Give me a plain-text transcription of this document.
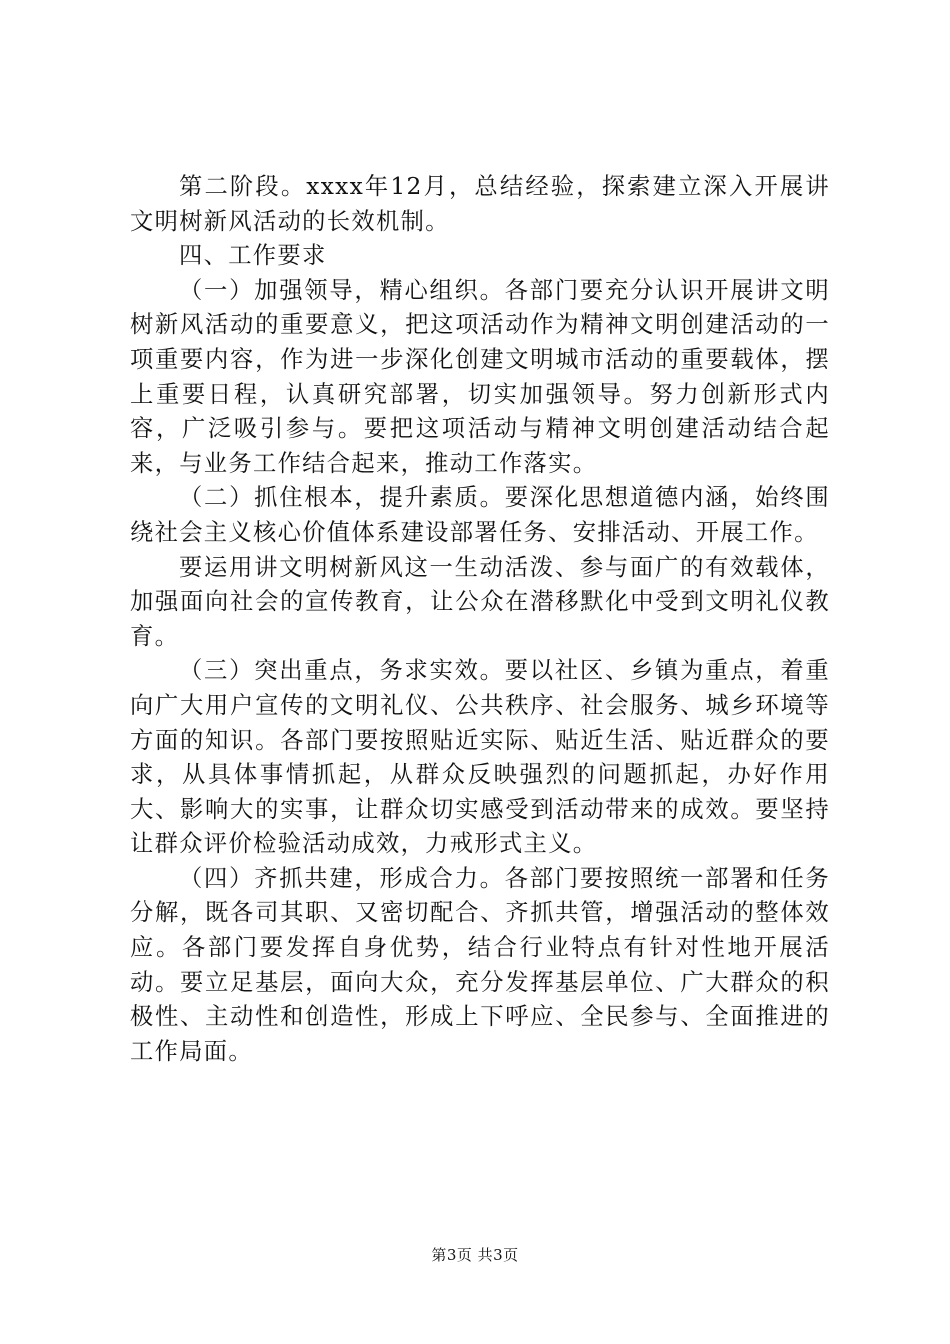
第二阶段。xxxx年12月，总结经验，探索建立深入开展讲文明树新风活动的长效机制。

四、工作要求

（一）加强领导，精心组织。各部门要充分认识开展讲文明树新风活动的重要意义，把这项活动作为精神文明创建活动的一项重要内容，作为进一步深化创建文明城市活动的重要载体，摆上重要日程，认真研究部署，切实加强领导。努力创新形式内容，广泛吸引参与。要把这项活动与精神文明创建活动结合起来，与业务工作结合起来，推动工作落实。

（二）抓住根本，提升素质。要深化思想道德内涵，始终围绕社会主义核心价值体系建设部署任务、安排活动、开展工作。

要运用讲文明树新风这一生动活泼、参与面广的有效载体，加强面向社会的宣传教育，让公众在潜移默化中受到文明礼仪教育。

（三）突出重点，务求实效。要以社区、乡镇为重点，着重向广大用户宣传的文明礼仪、公共秩序、社会服务、城乡环境等方面的知识。各部门要按照贴近实际、贴近生活、贴近群众的要求，从具体事情抓起，从群众反映强烈的问题抓起，办好作用大、影响大的实事，让群众切实感受到活动带来的成效。要坚持让群众评价检验活动成效，力戒形式主义。

（四）齐抓共建，形成合力。各部门要按照统一部署和任务分解，既各司其职、又密切配合、齐抓共管，增强活动的整体效应。各部门要发挥自身优势，结合行业特点有针对性地开展活动。要立足基层，面向大众，充分发挥基层单位、广大群众的积极性、主动性和创造性，形成上下呼应、全民参与、全面推进的工作局面。

第3页 共3页
